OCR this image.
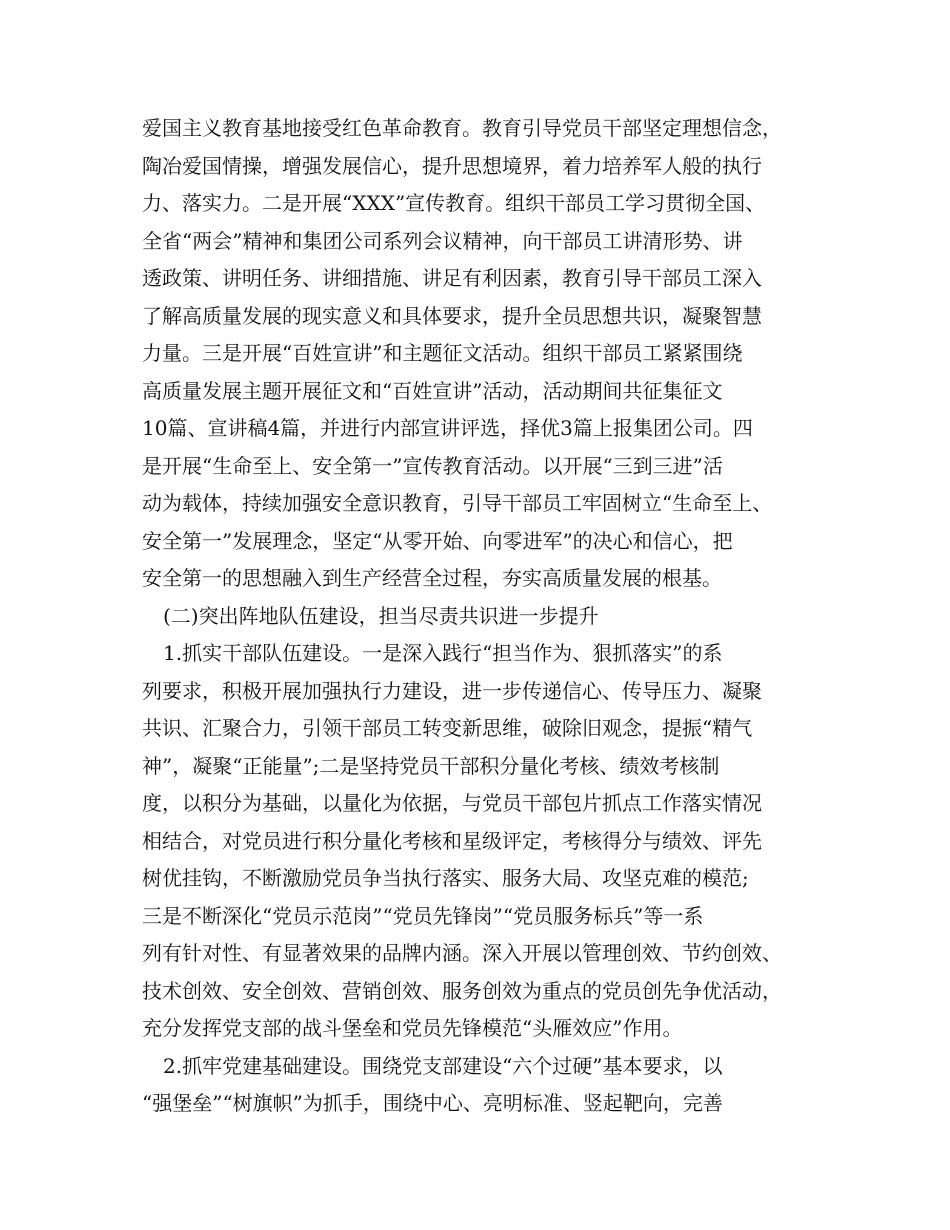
爱国主义教育基地接受红色革命教育。教育引导党员干部坚定理想信念，
陶冶爱国情操，增强发展信心，提升思想境界，着力培养军人般的执行
力、落实力。二是开展“XXX”宣传教育。组织干部员工学习贯彻全国、
全省“两会”精神和集团公司系列会议精神，向干部员工讲清形势、讲
透政策、讲明任务、讲细措施、讲足有利因素，教育引导干部员工深入
了解高质量发展的现实意义和具体要求，提升全员思想共识，凝聚智慧
力量。三是开展“百姓宣讲”和主题征文活动。组织干部员工紧紧围绕
高质量发展主题开展征文和“百姓宣讲”活动，活动期间共征集征文
10篇、宣讲稿4篇，并进行内部宣讲评选，择优3篇上报集团公司。四
是开展“生命至上、安全第一”宣传教育活动。以开展“三到三进”活
动为载体，持续加强安全意识教育，引导干部员工牢固树立“生命至上、
安全第一”发展理念，坚定“从零开始、向零进军”的决心和信心，把
安全第一的思想融入到生产经营全过程，夯实高质量发展的根基。
(二)突出阵地队伍建设，担当尽责共识进一步提升
1.抓实干部队伍建设。一是深入践行“担当作为、狠抓落实”的系
列要求，积极开展加强执行力建设，进一步传递信心、传导压力、凝聚
共识、汇聚合力，引领干部员工转变新思维，破除旧观念，提振“精气
神”，凝聚“正能量”;二是坚持党员干部积分量化考核、绩效考核制
度，以积分为基础，以量化为依据，与党员干部包片抓点工作落实情况
相结合，对党员进行积分量化考核和星级评定，考核得分与绩效、评先
树优挂钩，不断激励党员争当执行落实、服务大局、攻坚克难的模范;
三是不断深化“党员示范岗”“党员先锋岗”“党员服务标兵”等一系
列有针对性、有显著效果的品牌内涵。深入开展以管理创效、节约创效、
技术创效、安全创效、营销创效、服务创效为重点的党员创先争优活动，
充分发挥党支部的战斗堡垒和党员先锋模范“头雁效应”作用。
2.抓牢党建基础建设。围绕党支部建设“六个过硬”基本要求，以
“强堡垒”“树旗帜”为抓手，围绕中心、亮明标准、竖起靶向，完善
